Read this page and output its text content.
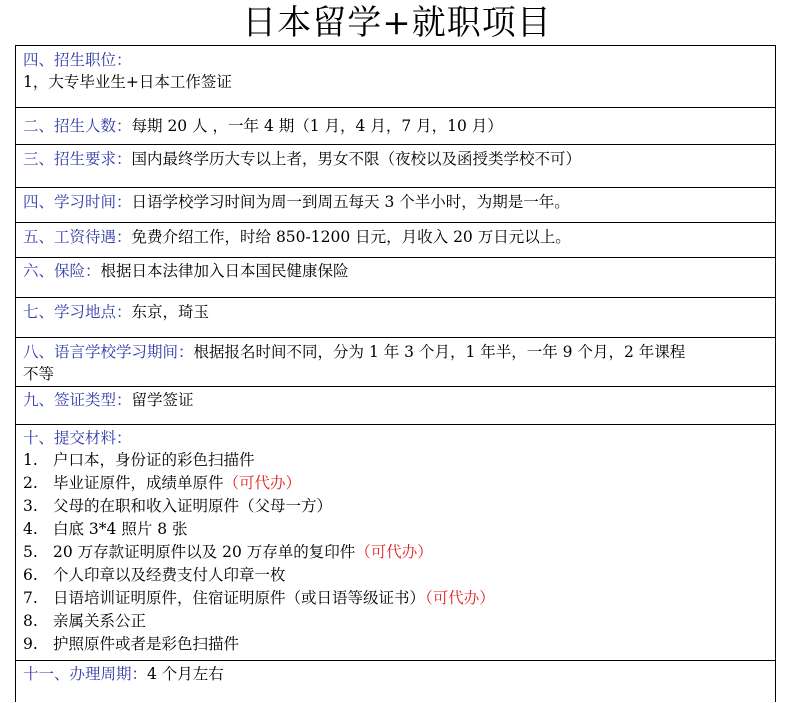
日本留学+就职项目
四、招生职位：
1，大专毕业生+日本工作签证
二、招生人数：每期 20 人 ，一年 4 期（1 月，4 月，7 月，10 月）
三、招生要求：国内最终学历大专以上者，男女不限（夜校以及函授类学校不可）
四、学习时间：日语学校学习时间为周一到周五每天 3 个半小时，为期是一年。
五、工资待遇：免费介绍工作，时给 850-1200 日元，月收入 20 万日元以上。
六、保险：根据日本法律加入日本国民健康保险
七、学习地点：东京，琦玉
八、语言学校学习期间：根据报名时间不同，分为 1 年 3 个月，1 年半，一年 9 个月，2 年课程
不等
九、签证类型：留学签证
十、提交材料：
1. 户口本，身份证的彩色扫描件
2. 毕业证原件，成绩单原件（可代办）
3. 父母的在职和收入证明原件（父母一方）
4. 白底 3*4 照片 8 张
5. 20 万存款证明原件以及 20 万存单的复印件（可代办）
6. 个人印章以及经费支付人印章一枚
7. 日语培训证明原件，住宿证明原件（或日语等级证书）（可代办）
8. 亲属关系公正
9. 护照原件或者是彩色扫描件
十一、办理周期：4 个月左右
